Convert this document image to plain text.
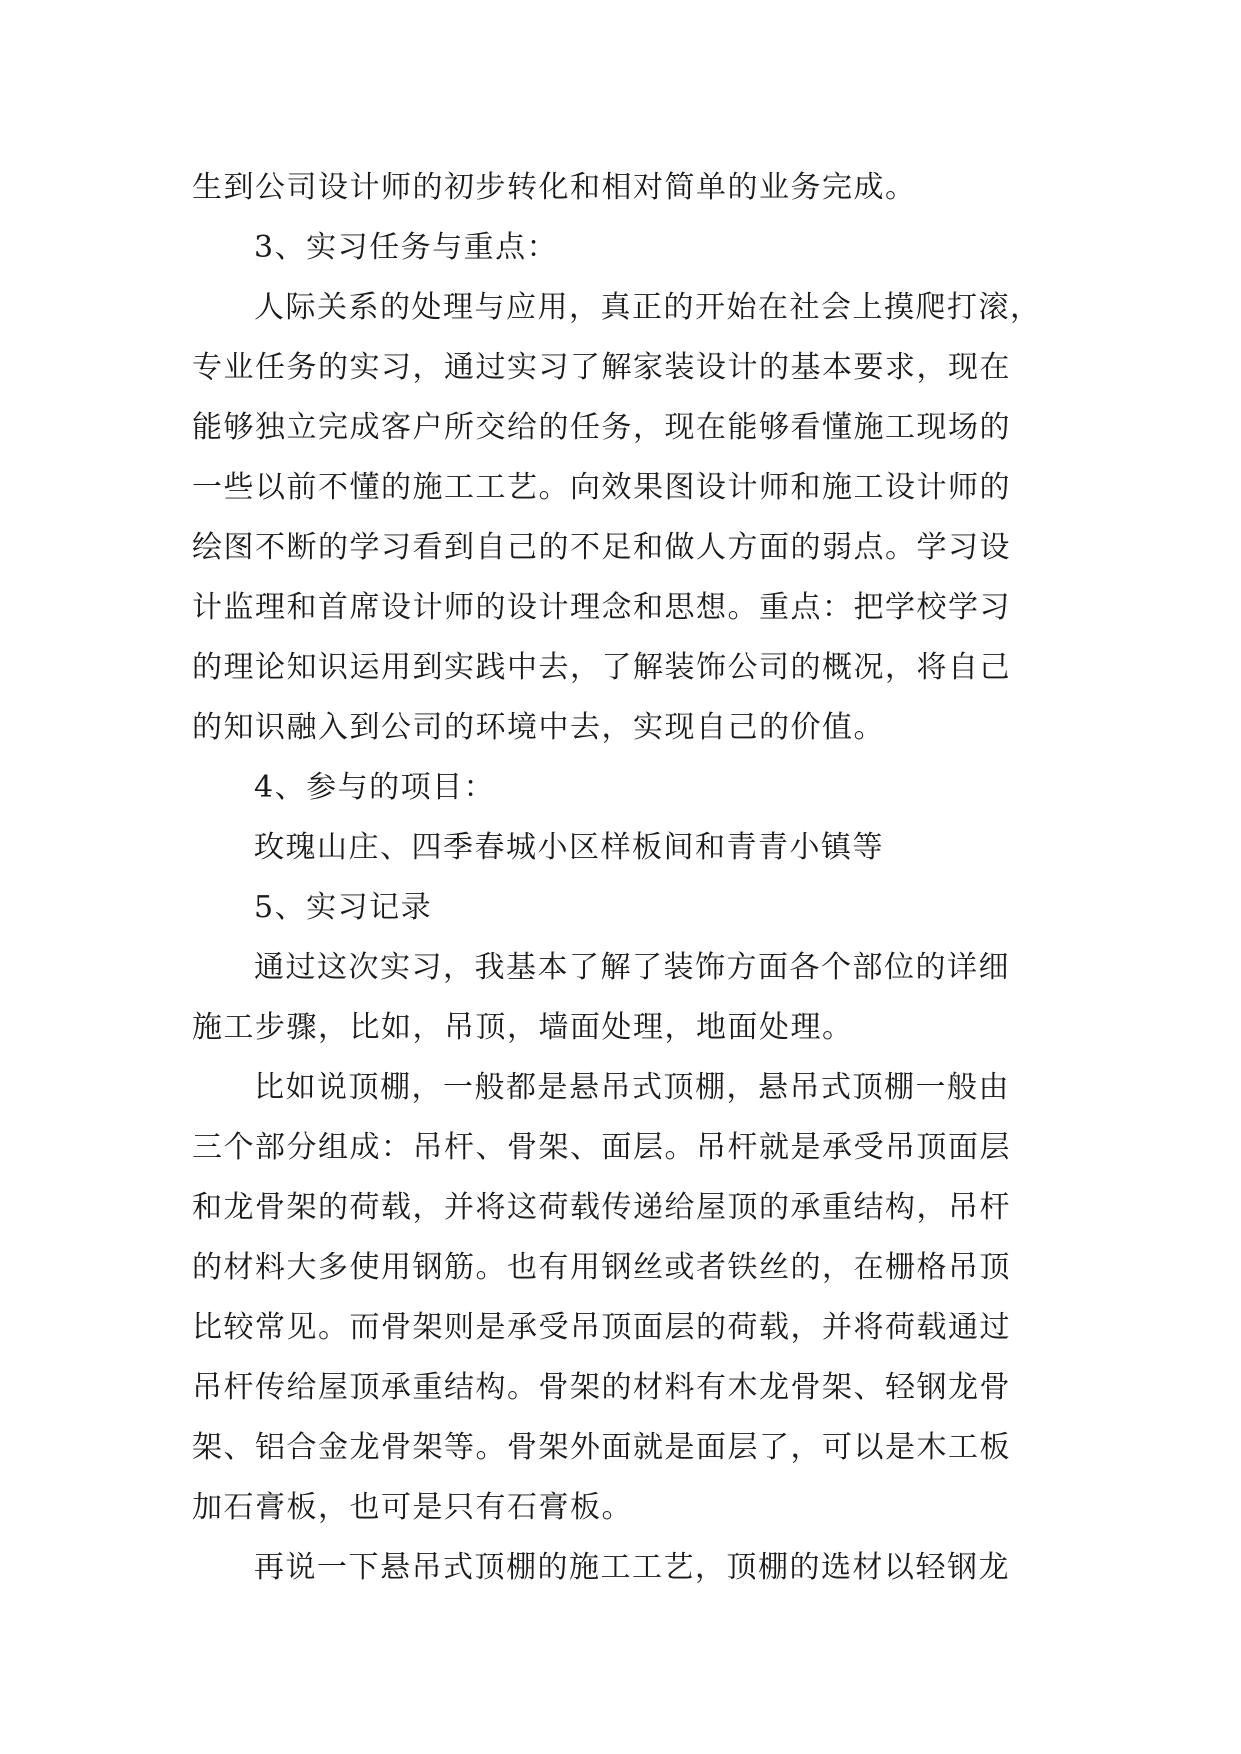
生到公司设计师的初步转化和相对简单的业务完成。
3、实习任务与重点：
人际关系的处理与应用，真正的开始在社会上摸爬打滚，
专业任务的实习，通过实习了解家装设计的基本要求，现在
能够独立完成客户所交给的任务，现在能够看懂施工现场的
一些以前不懂的施工工艺。向效果图设计师和施工设计师的
绘图不断的学习看到自己的不足和做人方面的弱点。学习设
计监理和首席设计师的设计理念和思想。重点：把学校学习
的理论知识运用到实践中去，了解装饰公司的概况，将自己
的知识融入到公司的环境中去，实现自己的价值。
4、参与的项目：
玫瑰山庄、四季春城小区样板间和青青小镇等
5、实习记录
通过这次实习，我基本了解了装饰方面各个部位的详细
施工步骤，比如，吊顶，墙面处理，地面处理。
比如说顶棚，一般都是悬吊式顶棚，悬吊式顶棚一般由
三个部分组成：吊杆、骨架、面层。吊杆就是承受吊顶面层
和龙骨架的荷载，并将这荷载传递给屋顶的承重结构，吊杆
的材料大多使用钢筋。也有用钢丝或者铁丝的，在栅格吊顶
比较常见。而骨架则是承受吊顶面层的荷载，并将荷载通过
吊杆传给屋顶承重结构。骨架的材料有木龙骨架、轻钢龙骨
架、铝合金龙骨架等。骨架外面就是面层了，可以是木工板
加石膏板，也可是只有石膏板。
再说一下悬吊式顶棚的施工工艺，顶棚的选材以轻钢龙
